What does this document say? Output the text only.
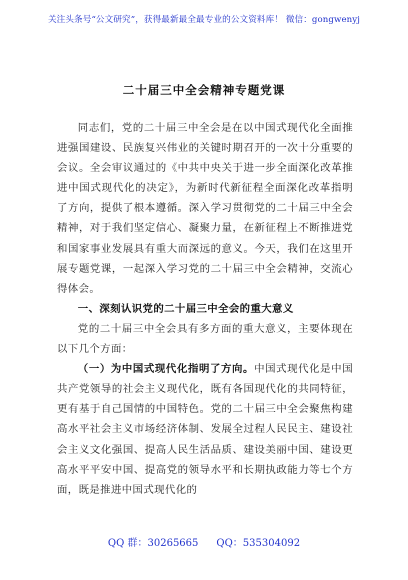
关注头条号“公文研究”，获得最新最全最专业的公文资料库！ 微信：gongwenyj
二十届三中全会精神专题党课

同志们，党的二十届三中全会是在以中国式现代化全面推进强国建设、民族复兴伟业的关键时期召开的一次十分重要的会议。全会审议通过的《中共中央关于进一步全面深化改革推进中国式现代化的决定》，为新时代新征程全面深化改革指明了方向，提供了根本遵循。深入学习贯彻党的二十届三中全会精神，对于我们坚定信心、凝聚力量，在新征程上不断推进党和国家事业发展具有重大而深远的意义。今天，我们在这里开展专题党课，一起深入学习党的二十届三中全会精神，交流心得体会。

一、深刻认识党的二十届三中全会的重大意义

党的二十届三中全会具有多方面的重大意义，主要体现在以下几个方面：

（一）为中国式现代化指明了方向。中国式现代化是中国共产党领导的社会主义现代化，既有各国现代化的共同特征，更有基于自己国情的中国特色。党的二十届三中全会聚焦构建高水平社会主义市场经济体制、发展全过程人民民主、建设社会主义文化强国、提高人民生活品质、建设美丽中国、建设更高水平平安中国、提高党的领导水平和长期执政能力等七个方面，既是推进中国式现代化的

QQ 群：30265665 QQ：535304092
